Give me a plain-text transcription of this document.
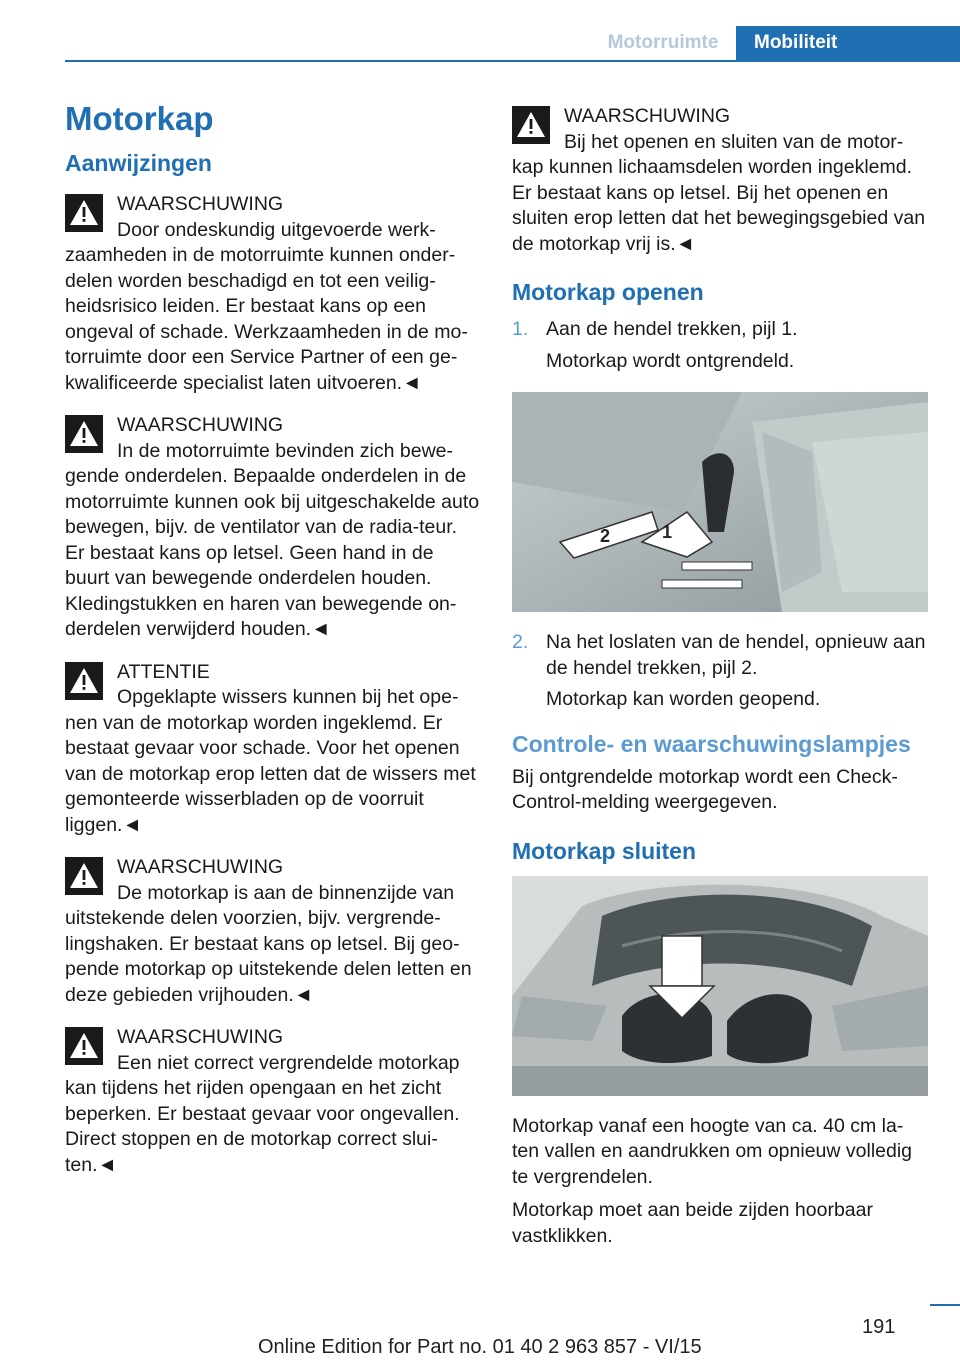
Motorruimte	Mobiliteit
Motorkap
Aanwijzingen
WAARSCHUWING
Door ondeskundig uitgevoerde werk-
zaamheden in de motorruimte kunnen onder-delen worden beschadigd en tot een veilig-heidsrisico leiden. Er bestaat kans op een ongeval of schade. Werkzaamheden in de mo-torruimte door een Service Partner of een ge-kwalificeerde specialist laten uitvoeren.◄
WAARSCHUWING
In de motorruimte bevinden zich bewe-
gende onderdelen. Bepaalde onderdelen in de motorruimte kunnen ook bij uitgeschakelde auto bewegen, bijv. de ventilator van de radia-teur. Er bestaat kans op letsel. Geen hand in de buurt van bewegende onderdelen houden. Kledingstukken en haren van bewegende on-derdelen verwijderd houden.◄
ATTENTIE
Opgeklapte wissers kunnen bij het ope-
nen van de motorkap worden ingeklemd. Er bestaat gevaar voor schade. Voor het openen van de motorkap erop letten dat de wissers met gemonteerde wisserbladen op de voorruit liggen.◄
WAARSCHUWING
De motorkap is aan de binnenzijde van
uitstekende delen voorzien, bijv. vergrende-lingshaken. Er bestaat kans op letsel. Bij geo-pende motorkap op uitstekende delen letten en deze gebieden vrijhouden.◄
WAARSCHUWING
Een niet correct vergrendelde motorkap
kan tijdens het rijden opengaan en het zicht beperken. Er bestaat gevaar voor ongevallen. Direct stoppen en de motorkap correct slui-ten.◄
WAARSCHUWING
Bij het openen en sluiten van de motor-
kap kunnen lichaamsdelen worden ingeklemd. Er bestaat kans op letsel. Bij het openen en sluiten erop letten dat het bewegingsgebied van de motorkap vrij is.◄
Motorkap openen
1. Aan de hendel trekken, pijl 1.
Motorkap wordt ontgrendeld.
2	1
2. Na het loslaten van de hendel, opnieuw aan de hendel trekken, pijl 2.
Motorkap kan worden geopend.
Controle- en waarschuwingslampjes

Bij ontgrendelde motorkap wordt een Check-Control-melding weergegeven.

Motorkap sluiten

Motorkap vanaf een hoogte van ca. 40 cm la-ten vallen en aandrukken om opnieuw volledig te vergrendelen.

Motorkap moet aan beide zijden hoorbaar vastklikken.

191
Online Edition for Part no. 01 40 2 963 857 - VI/15
